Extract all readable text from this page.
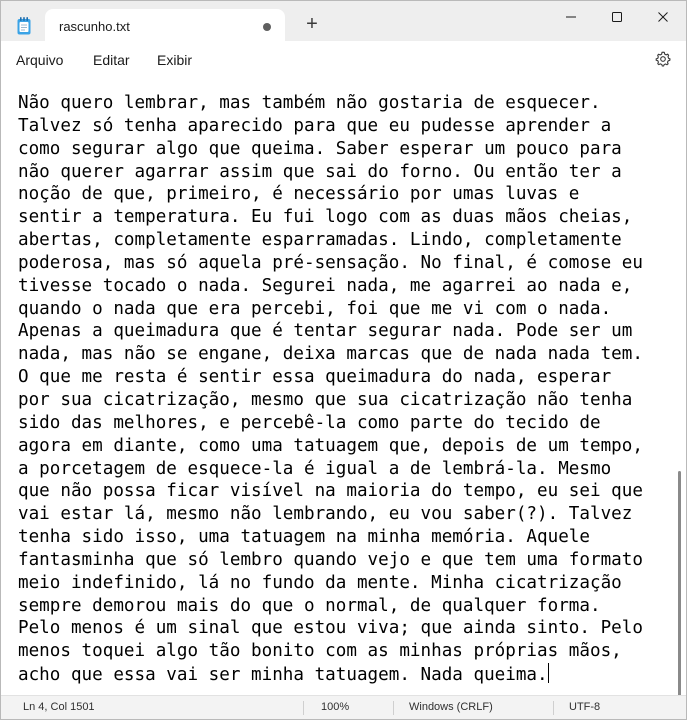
rascunho.txt	+
Arquivo Editar Exibir
Não quero lembrar, mas também não gostaria de esquecer.
Talvez só tenha aparecido para que eu pudesse aprender a
como segurar algo que queima. Saber esperar um pouco para
não querer agarrar assim que sai do forno. Ou então ter a
noção de que, primeiro, é necessário por umas luvas e
sentir a temperatura. Eu fui logo com as duas mãos cheias,
abertas, completamente esparramadas. Lindo, completamente
poderosa, mas só aquela pré-sensação. No final, é comose eu
tivesse tocado o nada. Segurei nada, me agarrei ao nada e,
quando o nada que era percebi, foi que me vi com o nada.
Apenas a queimadura que é tentar segurar nada. Pode ser um
nada, mas não se engane, deixa marcas que de nada nada tem.
O que me resta é sentir essa queimadura do nada, esperar
por sua cicatrização, mesmo que sua cicatrização não tenha
sido das melhores, e percebê-la como parte do tecido de
agora em diante, como uma tatuagem que, depois de um tempo,
a porcetagem de esquece-la é igual a de lembrá-la. Mesmo
que não possa ficar visível na maioria do tempo, eu sei que
vai estar lá, mesmo não lembrando, eu vou saber(?). Talvez
tenha sido isso, uma tatuagem na minha memória. Aquele
fantasminha que só lembro quando vejo e que tem uma formato
meio indefinido, lá no fundo da mente. Minha cicatrização
sempre demorou mais do que o normal, de qualquer forma.
Pelo menos é um sinal que estou viva; que ainda sinto. Pelo
menos toquei algo tão bonito com as minhas próprias mãos,
acho que essa vai ser minha tatuagem. Nada queima.
Ln 4, Col 1501	100%	Windows (CRLF)	UTF-8
